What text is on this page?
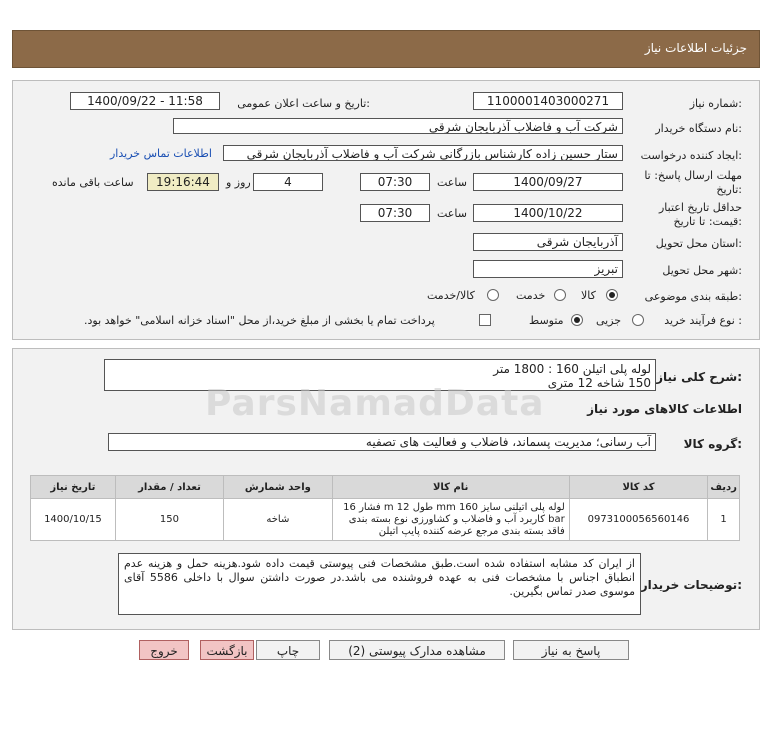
جزئیات اطلاعات نیاز
شماره نیاز:
1100001403000271
تاریخ و ساعت اعلان عمومی:
1400/09/22 - 11:58
نام دستگاه خریدار:
شرکت آب و فاضلاب آذربایجان شرقی
ایجاد کننده درخواست:
ستار حسین زاده کارشناس بازرگانی شرکت آب و فاضلاب آذربایجان شرقی
اطلاعات تماس خریدار
مهلت ارسال پاسخ: تا
تاریخ:
1400/09/27
ساعت
07:30
4
روز و
19:16:44
ساعت باقی مانده
حداقل تاریخ اعتبار
قیمت: تا تاریخ:
1400/10/22
ساعت
07:30
استان محل تحویل:
آذربایجان شرقی
شهر محل تحویل:
تبریز
طبقه بندی موضوعی:
کالا
خدمت
کالا/خدمت
نوع فرآیند خرید :
جزیی
متوسط
پرداخت تمام یا بخشی از مبلغ خرید،از محل "اسناد خزانه اسلامی" خواهد بود.
شرح کلی نیاز:
لوله پلی اتیلن 160 : 1800 متر
150 شاخه 12 متری
اطلاعات کالاهای مورد نیاز
گروه کالا:
آب رسانی؛ مدیریت پسماند، فاضلاب و فعالیت های تصفیه
تاریخ نیاز	تعداد / مقدار	واحد شمارش	نام کالا	کد کالا	ردیف
1400/10/15	150	شاخه	لوله پلی اتیلنی سایز 160 mm طول 12 m فشار 16 bar کاربرد آب و فاضلاب و کشاورزی نوع بسته بندی فاقد بسته بندی مرجع عرضه کننده پایپ اتیلن	0973100056560146	1
توضیحات خریدار:
از ایران کد مشابه استفاده شده است.طبق مشخصات فنی پیوستی قیمت داده شود.هزینه حمل و هزینه عدم انطباق اجناس با مشخصات فنی به عهده فروشنده می باشد.در صورت داشتن سوال با داخلی 5586 آقای موسوی صدر تماس بگیرین.
ParsNamadData
پاسخ به نیاز
مشاهده مدارک پیوستی (2)
چاپ
بازگشت
خروج
